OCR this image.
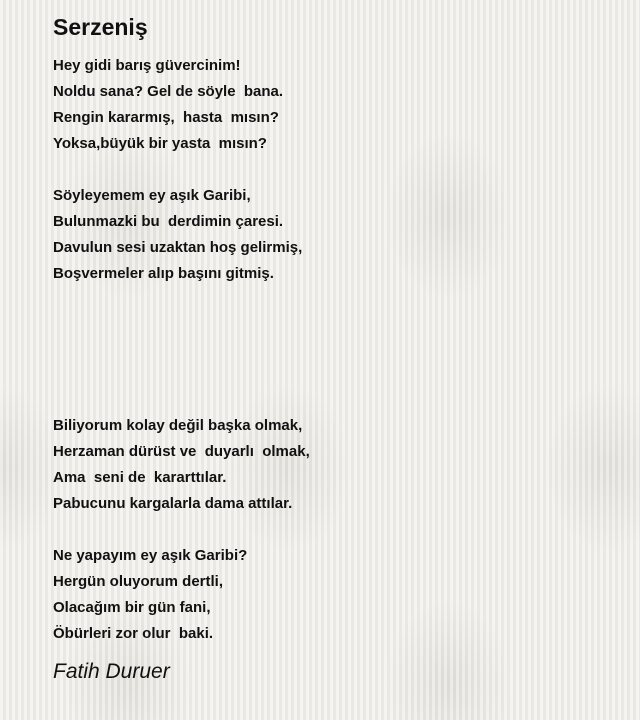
Serzeniş
Hey gidi barış güvercinim!
Noldu sana? Gel de söyle  bana.
Rengin kararmış,  hasta  mısın?
Yoksa,büyük bir yasta  mısın?
Söyleyemem ey aşık Garibi,
Bulunmazki bu  derdimin çaresi.
Davulun sesi uzaktan hoş gelirmiş,
Boşvermeler alıp başını gitmiş.
Biliyorum kolay değil başka olmak,
Herzaman dürüst ve  duyarlı  olmak,
Ama  seni de  kararttılar.
Pabucunu kargalarla dama attılar.
Ne yapayım ey aşık Garibi?
Hergün oluyorum dertli,
Olacağım bir gün fani,
Öbürleri zor olur  baki.

Fatih Duruer
